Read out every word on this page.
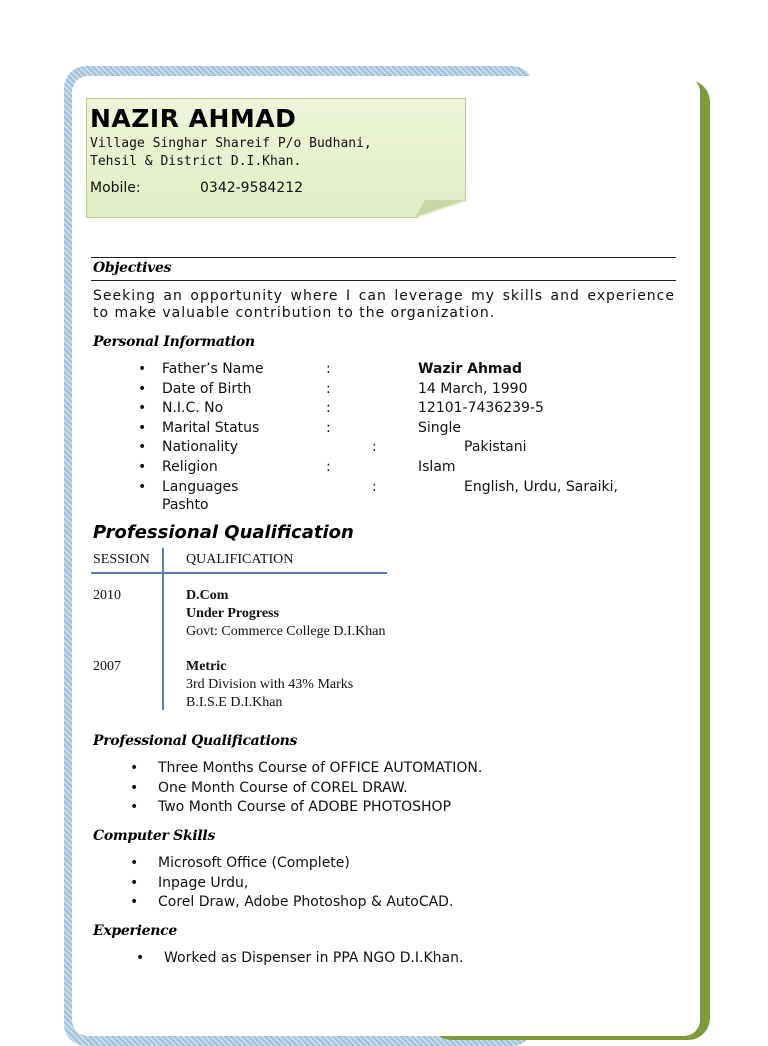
NAZIR AHMAD

Village Singhar Shareif P/o Budhani,

Tehsil & District D.I.Khan.

Mobile:	0342-9584212

Objectives

Seeking an opportunity where I can leverage my skills and experience to make valuable contribution to the organization.

Personal Information
• Father’s Name	:	Wazir Ahmad
• Date of Birth	:	14 March, 1990
• N.I.C. No	:	12101-7436239-5
• Marital Status	:	Single
• Nationality	:	Pakistani
• Religion	:	Islam
• Languages	:	English, Urdu, Saraiki,
Pashto
Professional Qualification
SESSION	QUALIFICATION
2010	D.Com
Under Progress
Govt: Commerce College D.I.Khan
2007	Metric
3rd Division with 43% Marks
B.I.S.E D.I.Khan
Professional Qualifications
• Three Months Course of OFFICE AUTOMATION.
• One Month Course of COREL DRAW.
• Two Month Course of ADOBE PHOTOSHOP
Computer Skills
• Microsoft Office (Complete)
• Inpage Urdu,
• Corel Draw, Adobe Photoshop & AutoCAD.
Experience
• Worked as Dispenser in PPA NGO D.I.Khan.
